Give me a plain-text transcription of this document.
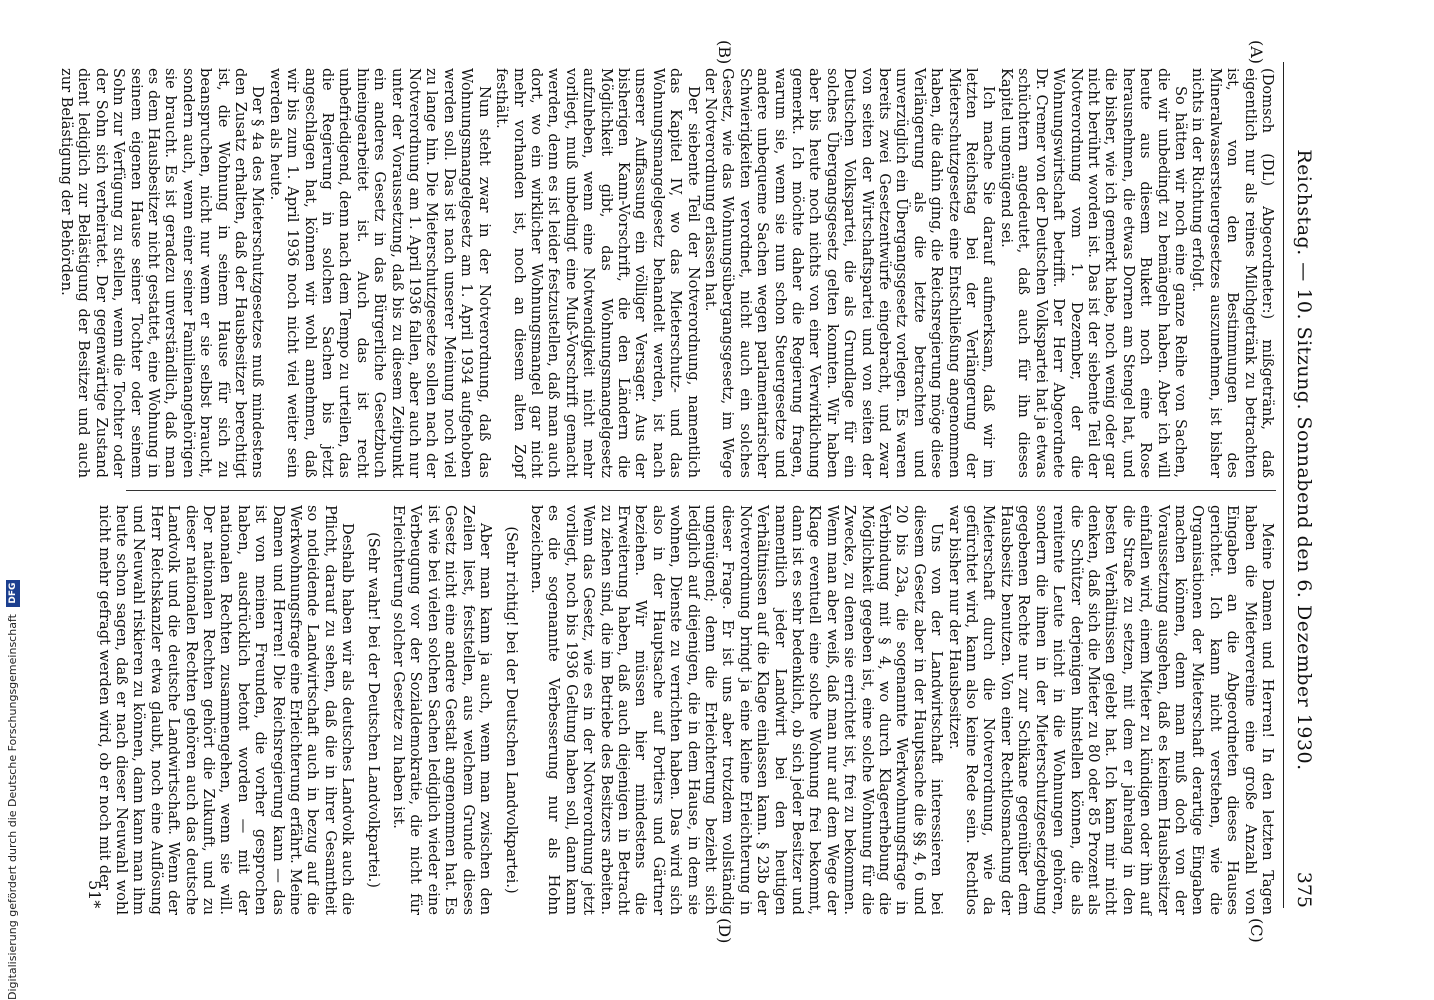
Reichstag. — 10. Sitzung. Sonnabend den 6. Dezember 1930.
375
(A)
(B)
(C)
(D)

(Domsch (DL) Abgeordneter:) mißgetränk, daß eigentlich nur als reines Milchgetränk zu betrachten ist, von den Bestimmungen des Mineralwassersteuergesetzes auszunehmen, ist bisher nichts in der Richtung erfolgt.

So hätten wir noch eine ganze Reihe von Sachen, die wir unbedingt zu bemängeln haben. Aber ich will heute aus diesem Bukett noch eine Rose herausnehmen, die etwas Dornen am Stengel hat, und die bisher, wie ich gemerkt habe, noch wenig oder gar nicht berührt worden ist. Das ist der siebente Teil der Notverordnung vom 1. Dezember, der die Wohnungswirtschaft betrifft. Der Herr Abgeordnete Dr. Cremer von der Deutschen Volkspartei hat ja etwas schüchtern angedeutet, daß auch für ihn dieses Kapitel ungenügend sei.

Ich mache Sie darauf aufmerksam, daß wir im letzten Reichstag bei der Verlängerung der Mieterschutzgesetze eine Entschließung angenommen haben, die dahin ging, die Reichsregierung möge diese Verlängerung als die letzte betrachten und unverzüglich ein Übergangsgesetz vorlegen. Es waren bereits zwei Gesetzentwürfe eingebracht, und zwar von seiten der Wirtschaftspartei und von seiten der Deutschen Volkspartei, die als Grundlage für ein solches Übergangsgesetz gelten konnten. Wir haben aber bis heute noch nichts von einer Verwirklichung gemerkt. Ich möchte daher die Regierung fragen, warum sie, wenn sie nun schon Steuergesetze und andere unbequeme Sachen wegen parlamentarischer Schwierigkeiten verordnet, nicht auch ein solches Gesetz, wie das Wohnungsübergangsgesetz, im Wege der Notverordnung erlassen hat.

Der siebente Teil der Notverordnung, namentlich das Kapitel IV, wo das Mieterschutz- und das Wohnungsmangelgesetz behandelt werden, ist nach unserer Auffassung ein völliger Versager. Aus der bisherigen Kann-Vorschrift, die den Ländern die Möglichkeit gibt, das Wohnungsmangelgesetz aufzuheben, wenn eine Notwendigkeit nicht mehr vorliegt, muß unbedingt eine Muß-Vorschrift gemacht werden, denn es ist leider festzustellen, daß man auch dort, wo ein wirklicher Wohnungsmangel gar nicht mehr vorhanden ist, noch an diesem alten Zopf festhält.

Nun steht zwar in der Notverordnung, daß das Wohnungsmangelgesetz am 1. April 1934 aufgehoben werden soll. Das ist nach unserer Meinung noch viel zu lange hin. Die Mieterschutzgesetze sollen nach der Notverordnung am 1. April 1936 fallen, aber auch nur unter der Voraussetzung, daß bis zu diesem Zeitpunkt ein anderes Gesetz in das Bürgerliche Gesetzbuch hineingearbeitet ist. Auch das ist recht unbefriedigend, denn nach dem Tempo zu urteilen, das die Regierung in solchen Sachen bis jetzt angeschlagen hat, können wir wohl annehmen, daß wir bis zum 1. April 1936 noch nicht viel weiter sein werden als heute.

Der § 4a des Mieterschutzgesetzes muß mindestens den Zusatz erhalten, daß der Hausbesitzer berechtigt ist, die Wohnung in seinem Hause für sich zu beanspruchen, nicht nur wenn er sie selbst braucht, sondern auch, wenn einer seiner Familienangehörigen sie braucht. Es ist geradezu unverständlich, daß man es dem Hausbesitzer nicht gestattet, eine Wohnung in seinem eigenen Hause seiner Tochter oder seinem Sohn zur Verfügung zu stellen, wenn die Tochter oder der Sohn sich verheiratet. Der gegenwärtige Zustand dient lediglich zur Belästigung der Besitzer und auch zur Belästigung der Behörden.

Meine Damen und Herren! In den letzten Tagen haben die Mietervereine eine große Anzahl von Eingaben an die Abgeordneten dieses Hauses gerichtet. Ich kann nicht verstehen, wie die Organisationen der Mieterschaft derartige Eingaben machen können, denn man muß doch von der Voraussetzung ausgehen, daß es keinem Hausbesitzer einfallen wird, einem Mieter zu kündigen oder ihn auf die Straße zu setzen, mit dem er jahrelang in den besten Verhältnissen gelebt hat. Ich kann mir nicht denken, daß sich die Mieter zu 80 oder 85 Prozent als die Schützer derjenigen hinstellen können, die als renitente Leute nicht in die Wohnungen gehören, sondern die ihnen in der Mieterschutzgesetzgebung gegebenen Rechte nur zur Schikane gegenüber dem Hausbesitz benutzen. Von einer Rechtlosmachung der Mieterschaft durch die Notverordnung, wie da gefürchtet wird, kann also keine Rede sein. Rechtlos war bisher nur der Hausbesitzer.

Uns von der Landwirtschaft interessieren bei diesem Gesetz aber in der Hauptsache die §§ 4, 6 und 20 bis 23a, die sogenannte Werkwohnungsfrage in Verbindung mit § 4, wo durch Klageerhebung die Möglichkeit gegeben ist, eine solche Wohnung für die Zwecke, zu denen sie errichtet ist, frei zu bekommen. Wenn man aber weiß, daß man nur auf dem Wege der Klage eventuell eine solche Wohnung frei bekommt, dann ist es sehr bedenklich, ob sich jeder Besitzer und namentlich jeder Landwirt bei den heutigen Verhältnissen auf die Klage einlassen kann. § 23b der Notverordnung bringt ja eine kleine Erleichterung in dieser Frage. Er ist uns aber trotzdem vollständig ungenügend; denn die Erleichterung bezieht sich lediglich auf diejenigen, die in dem Hause, in dem sie wohnen, Dienste zu verrichten haben. Das wird sich also in der Hauptsache auf Portiers und Gärtner beziehen. Wir müssen hier mindestens die Erweiterung haben, daß auch diejenigen in Betracht zu ziehen sind, die im Betriebe des Besitzers arbeiten. Wenn das Gesetz, wie es in der Notverordnung jetzt vorliegt, noch bis 1936 Geltung haben soll, dann kann es die sogenannte Verbesserung nur als Hohn bezeichnen.

(Sehr richtig! bei der Deutschen Landvolkpartei.)

Aber man kann ja auch, wenn man zwischen den Zeilen liest, feststellen, aus welchem Grunde dieses Gesetz nicht eine andere Gestalt angenommen hat. Es ist wie bei vielen solchen Sachen lediglich wieder eine Verbeugung vor der Sozialdemokratie, die nicht für Erleichterung solcher Gesetze zu haben ist.

(Sehr wahr! bei der Deutschen Landvolkpartei.)

Deshalb haben wir als deutsches Landvolk auch die Pflicht, darauf zu sehen, daß die in ihrer Gesamtheit so notleidende Landwirtschaft auch in bezug auf die Werkwohnungsfrage eine Erleichterung erfährt. Meine Damen und Herren! Die Reichsregierung kann — das ist von meinen Freunden, die vorher gesprochen haben, ausdrücklich betont worden — mit der nationalen Rechten zusammengehen, wenn sie will. Der nationalen Rechten gehört die Zukunft, und zu dieser nationalen Rechten gehören auch das deutsche Landvolk und die deutsche Landwirtschaft. Wenn der Herr Reichskanzler etwa glaubt, noch eine Auflösung und Neuwahl riskieren zu können, dann kann man ihm heute schon sagen, daß er nach dieser Neuwahl wohl nicht mehr gefragt werden wird, ob er noch mit der

51*
Digitalisierung gefördert durch die Deutsche Forschungsgemeinschaft DFG
